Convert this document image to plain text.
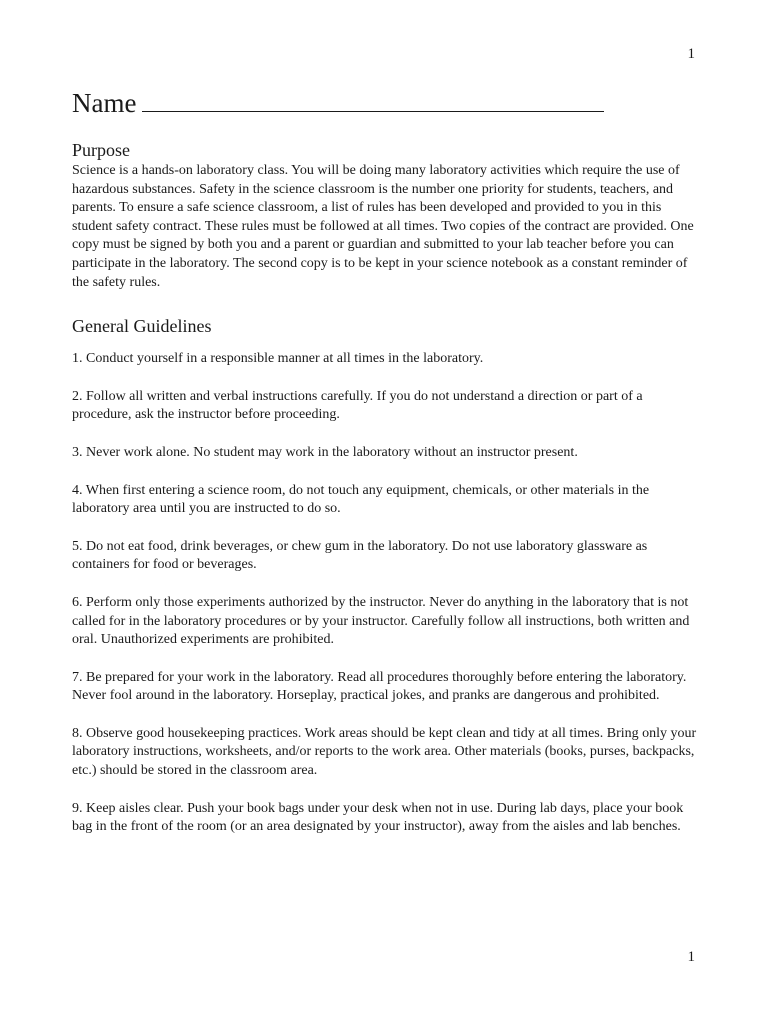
1
Name
Purpose

Science is a hands-on laboratory class. You will be doing many laboratory activities which require the use of hazardous substances. Safety in the science classroom is the number one priority for students, teachers, and parents. To ensure a safe science classroom, a list of rules has been developed and provided to you in this student safety contract. These rules must be followed at all times. Two copies of the contract are provided. One copy must be signed by both you and a parent or guardian and submitted to your lab teacher before you can participate in the laboratory. The second copy is to be kept in your science notebook as a constant reminder of the safety rules.

General Guidelines

1. Conduct yourself in a responsible manner at all times in the laboratory.

2. Follow all written and verbal instructions carefully. If you do not understand a direction or part of a procedure, ask the instructor before proceeding.

3. Never work alone. No student may work in the laboratory without an instructor present.

4. When first entering a science room, do not touch any equipment, chemicals, or other materials in the laboratory area until you are instructed to do so.

5. Do not eat food, drink beverages, or chew gum in the laboratory. Do not use laboratory glassware as containers for food or beverages.

6. Perform only those experiments authorized by the instructor. Never do anything in the laboratory that is not called for in the laboratory procedures or by your instructor. Carefully follow all instructions, both written and oral. Unauthorized experiments are prohibited.

7. Be prepared for your work in the laboratory. Read all procedures thoroughly before entering the laboratory. Never fool around in the laboratory. Horseplay, practical jokes, and pranks are dangerous and prohibited.

8. Observe good housekeeping practices. Work areas should be kept clean and tidy at all times. Bring only your laboratory instructions, worksheets, and/or reports to the work area. Other materials (books, purses, backpacks, etc.) should be stored in the classroom area.

9. Keep aisles clear. Push your book bags under your desk when not in use. During lab days, place your book bag in the front of the room (or an area designated by your instructor), away from the aisles and lab benches.

1
